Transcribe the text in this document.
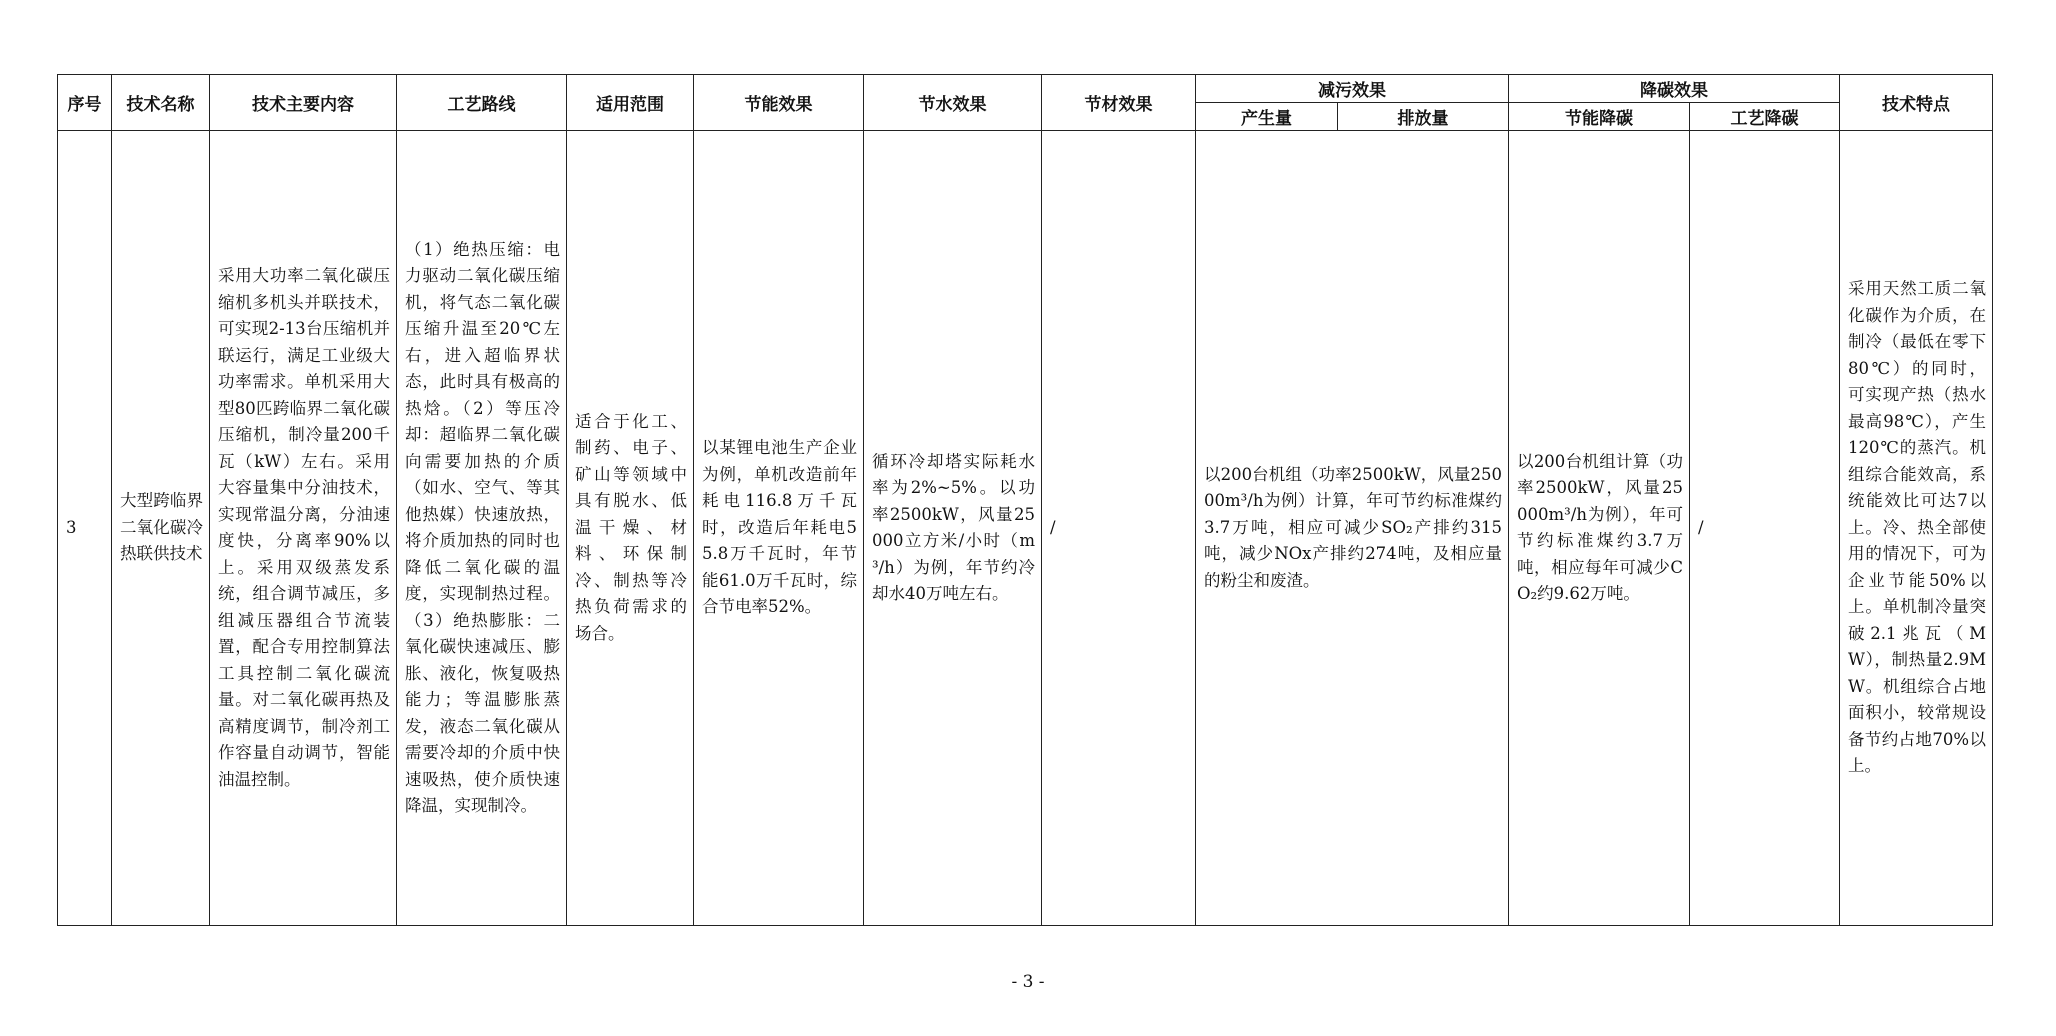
序号	技术名称	技术主要内容	工艺路线	适用范围	节能效果	节水效果	节材效果	减污效果		降碳效果		技术特点
								产生量	排放量	节能降碳	工艺降碳	

3	大型跨临界二氧化碳冷热联供技术	采用大功率二氧化碳压缩机多机头并联技术，可实现2-13台压缩机并联运行，满足工业级大功率需求。单机采用大型80匹跨临界二氧化碳压缩机，制冷量200千瓦（kW）左右。采用大容量集中分油技术，实现常温分离，分油速度快，分离率90%以上。采用双级蒸发系统，组合调节减压，多组减压器组合节流装置，配合专用控制算法工具控制二氧化碳流量。对二氧化碳再热及高精度调节，制冷剂工作容量自动调节，智能油温控制。	（1）绝热压缩：电力驱动二氧化碳压缩机，将气态二氧化碳压缩升温至20℃左右，进入超临界状态，此时具有极高的热焓。（2）等压冷却：超临界二氧化碳向需要加热的介质（如水、空气、等其他热媒）快速放热，将介质加热的同时也降低二氧化碳的温度，实现制热过程。（3）绝热膨胀：二氧化碳快速减压、膨胀、液化，恢复吸热能力；等温膨胀蒸发，液态二氧化碳从需要冷却的介质中快速吸热，使介质快速降温，实现制冷。	适合于化工、制药、电子、矿山等领域中具有脱水、低温干燥、材料、环保制冷、制热等冷热负荷需求的场合。	以某锂电池生产企业为例，单机改造前年耗电116.8万千瓦时，改造后年耗电55.8万千瓦时，年节能61.0万千瓦时，综合节电率52%。	循环冷却塔实际耗水率为2%~5%。以功率2500kW，风量25000立方米/小时（m³/h）为例，年节约冷却水40万吨左右。	/	以200台机组（功率2500kW，风量25000m³/h为例）计算，年可节约标准煤约3.7万吨，相应可减少SO₂产排约315吨，减少NOx产排约274吨，及相应量的粉尘和废渣。		以200台机组计算（功率2500kW，风量25000m³/h为例），年可节约标准煤约3.7万吨，相应每年可减少CO₂约9.62万吨。	/	采用天然工质二氧化碳作为介质，在制冷（最低在零下80℃）的同时，可实现产热（热水最高98℃），产生120℃的蒸汽。机组综合能效高，系统能效比可达7以上。冷、热全部使用的情况下，可为企业节能50%以上。单机制冷量突破2.1兆瓦（MW），制热量2.9MW。机组综合占地面积小，较常规设备节约占地70%以上。
- 3 -
